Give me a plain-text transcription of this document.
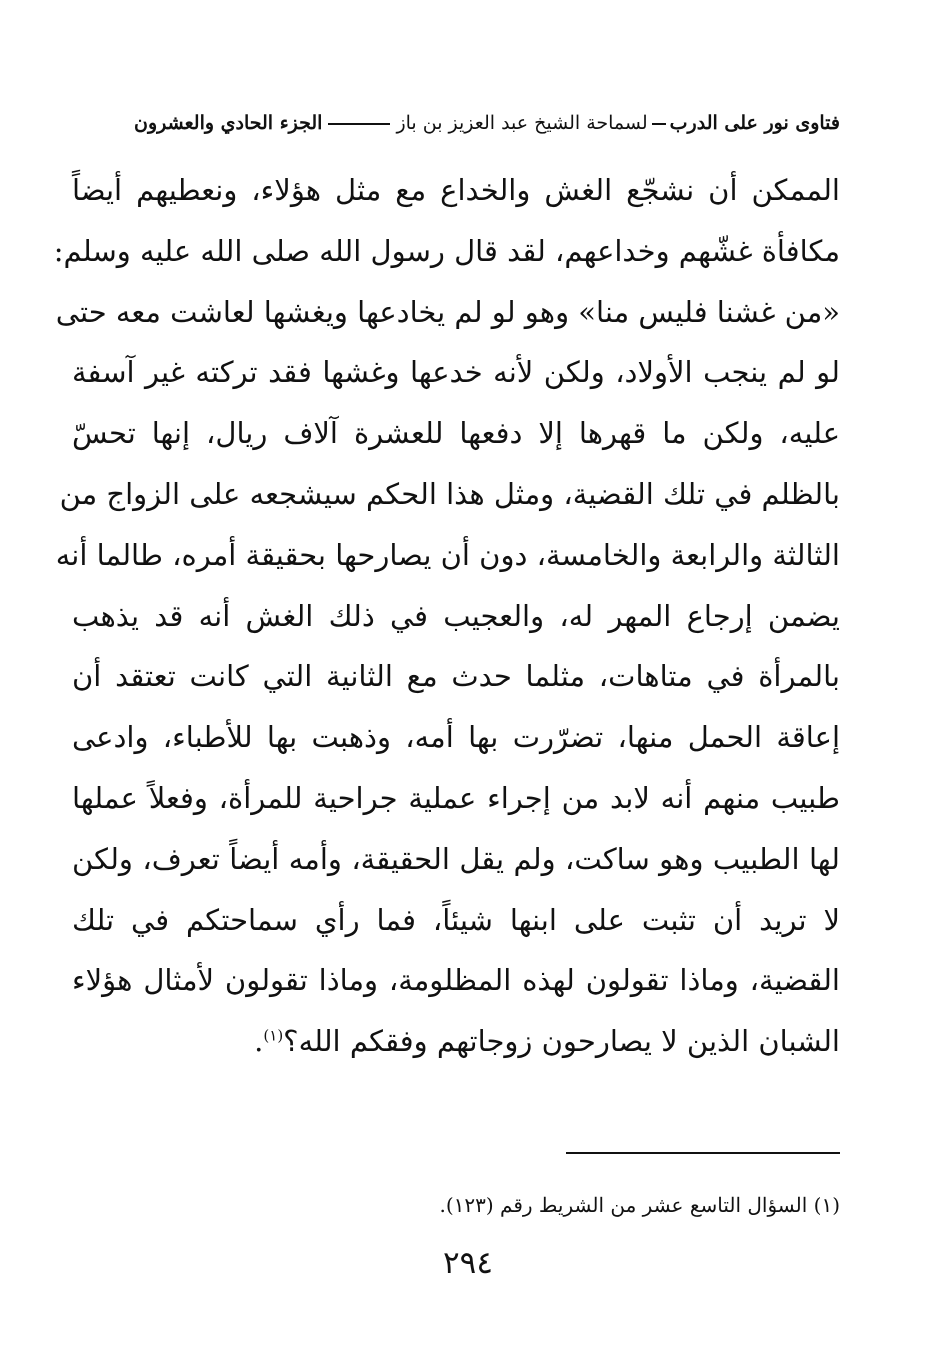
فتاوى نور على الدربلسماحة الشيخ عبد العزيز بن بازالجزء الحادي والعشرون
الممكن أن نشجّع الغش والخداع مع مثل هؤلاء، ونعطيهم أيضاً
مكافأة غشّهم وخداعهم، لقد قال رسول الله صلى الله عليه وسلم:
«من غشنا فليس منا» وهو لو لم يخادعها ويغشها لعاشت معه حتى
لو لم ينجب الأولاد، ولكن لأنه خدعها وغشها فقد تركته غير آسفة
عليه، ولكن ما قهرها إلا دفعها للعشرة آلاف ريال، إنها تحسّ
بالظلم في تلك القضية، ومثل هذا الحكم سيشجعه على الزواج من
الثالثة والرابعة والخامسة، دون أن يصارحها بحقيقة أمره، طالما أنه
يضمن إرجاع المهر له، والعجيب في ذلك الغش أنه قد يذهب
بالمرأة في متاهات، مثلما حدث مع الثانية التي كانت تعتقد أن
إعاقة الحمل منها، تضرّرت بها أمه، وذهبت بها للأطباء، وادعى
طبيب منهم أنه لابد من إجراء عملية جراحية للمرأة، وفعلاً عملها
لها الطبيب وهو ساكت، ولم يقل الحقيقة، وأمه أيضاً تعرف، ولكن
لا تريد أن تثبت على ابنها شيئاً، فما رأي سماحتكم في تلك
القضية، وماذا تقولون لهذه المظلومة، وماذا تقولون لأمثال هؤلاء
الشبان الذين لا يصارحون زوجاتهم وفقكم الله؟$^{(١)}$.
(١) السؤال التاسع عشر من الشريط رقم (١٢٣).
٢٩٤
